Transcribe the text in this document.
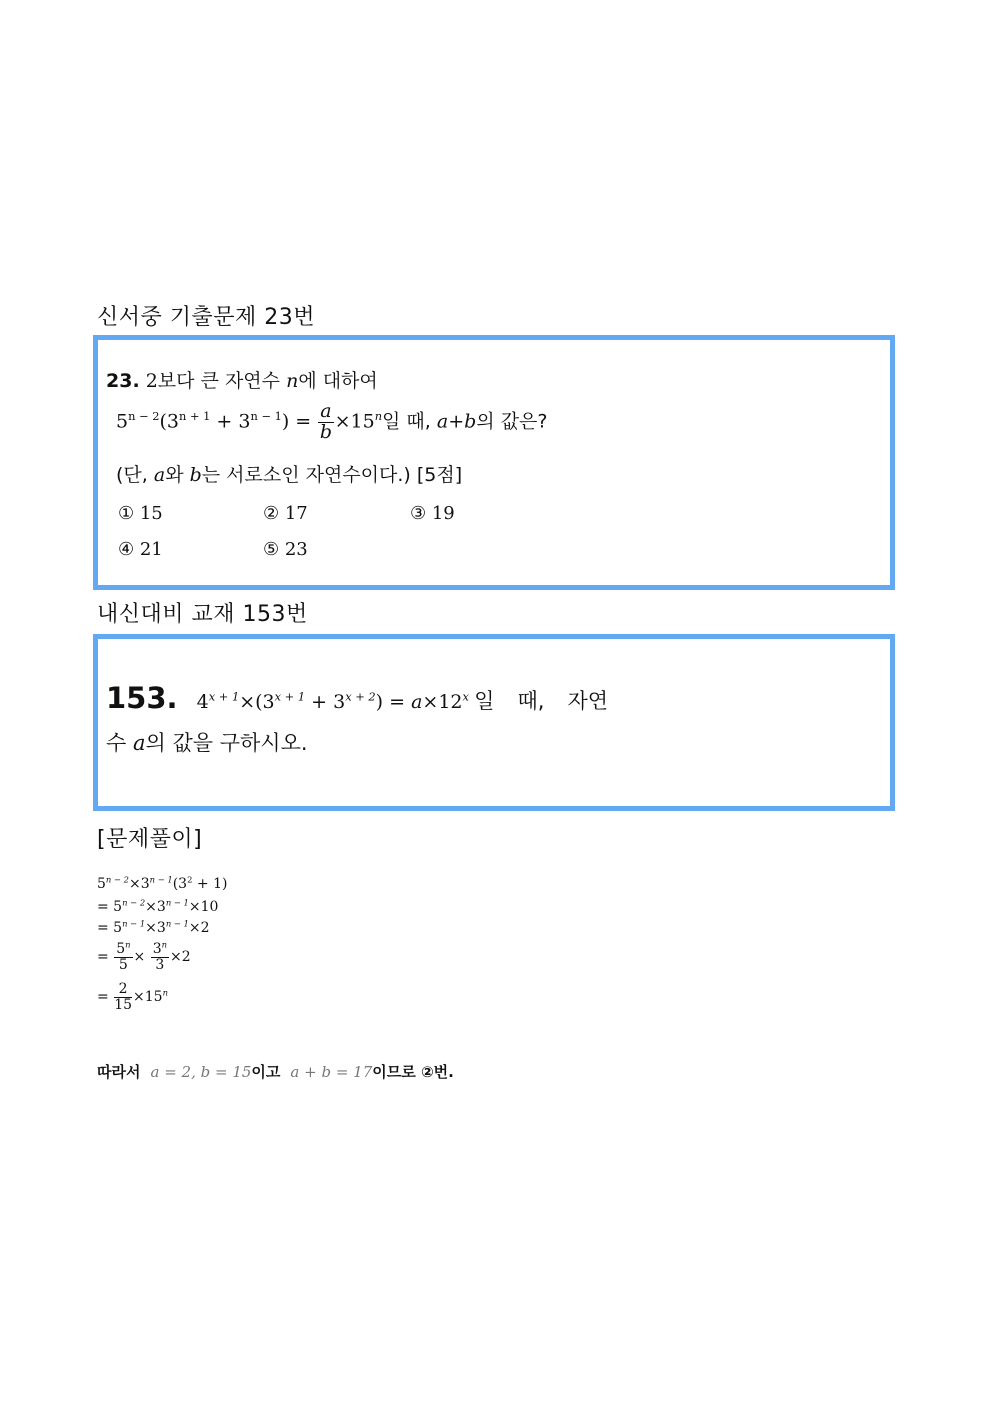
신서중 기출문제 23번
23. 2보다 큰 자연수 n에 대하여
$5^{n - 2}(3^{n + 1} + 3^{n - 1}) = \frac{a}{b} \times 15^n$일 때, a+b의 값은?
(단, a와 b는 서로소인 자연수이다.) [5점]
① 15	② 17	③ 19
④ 21	⑤ 23
내신대비 교재 153번
153. $4^{x + 1}\times(3^{x + 1} + 3^{x + 2}) = a\times 12^x$ 일 때, 자연
수 a의 값을 구하시오.
[문제풀이]
$5^{n - 2}\times 3^{n - 1}(3^2 + 1)$
= $5^{n - 2}\times 3^{n - 1}\times 10$
= $5^{n - 1}\times 3^{n - 1}\times 2$
= $\frac{5^n}{5} \times \frac{3^n}{3} \times 2$
= $\frac{2}{15} \times 15^n$
따라서  a = 2, b = 15이고  a + b = 17이므로 ②번.
